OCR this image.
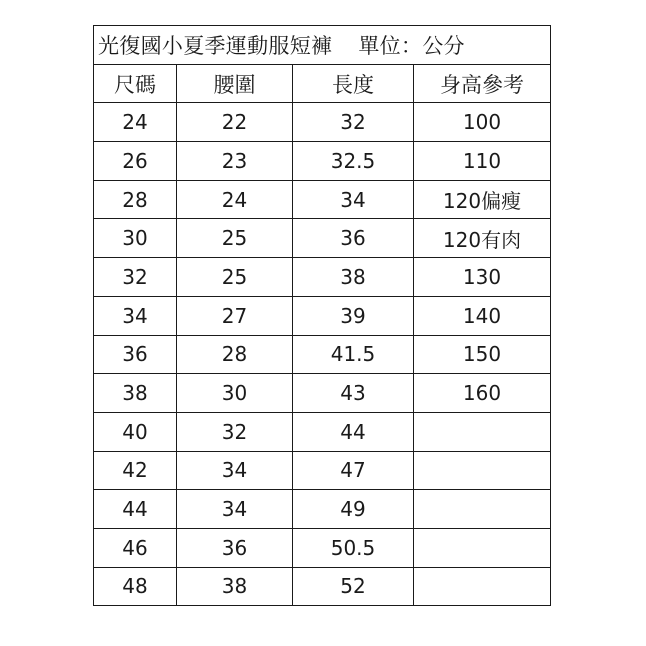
光復國小夏季運動服短褲 單位：公分			
尺碼	腰圍	長度	身高參考
24	22	32	100
26	23	32.5	110
28	24	34	120偏瘦
30	25	36	120有肉
32	25	38	130
34	27	39	140
36	28	41.5	150
38	30	43	160
40	32	44	
42	34	47	
44	34	49	
46	36	50.5	
48	38	52	
